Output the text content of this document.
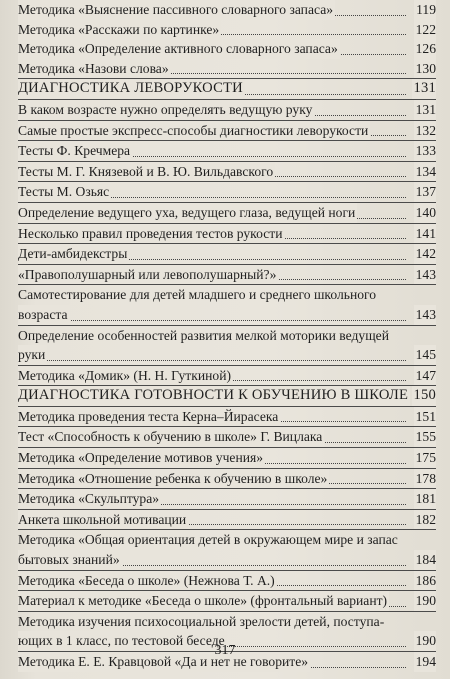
Методика «Выяснение пассивного словарного запаса»	119
Методика «Расскажи по картинке»	122
Методика «Определение активного словарного запаса»	126
Методика «Назови слова»	130
ДИАГНОСТИКА ЛЕВОРУКОСТИ	131
В каком возрасте нужно определять ведущую руку	131
Самые простые экспресс-способы диагностики леворукости	132
Тесты Ф. Кречмера	133
Тесты М. Г. Князевой и В. Ю. Вильдавского	134
Тесты М. Озьяс	137
Определение ведущего уха, ведущего глаза, ведущей ноги	140
Несколько правил проведения тестов рукости	141
Дети-амбидекстры	142
«Правополушарный или левополушарный?»	143
Самотестирование для детей младшего и среднего школьного
возраста	143
Определение особенностей развития мелкой моторики ведущей
руки	145
Методика «Домик» (Н. Н. Гуткиной)	147
ДИАГНОСТИКА ГОТОВНОСТИ К ОБУЧЕНИЮ В ШКОЛЕ 150
Методика проведения теста Керна–Йирасека	151
Тест «Способность к обучению в школе» Г. Вицлака	155
Методика «Определение мотивов учения»	175
Методика «Отношение ребенка к обучению в школе»	178
Методика «Скульптура»	181
Анкета школьной мотивации	182
Методика «Общая ориентация детей в окружающем мире и запас
бытовых знаний»	184
Методика «Беседа о школе» (Нежнова Т. А.)	186
Материал к методике «Беседа о школе» (фронтальный вариант) 190
Методика изучения психосоциальной зрелости детей, поступа-
ющих в 1 класс, по тестовой беседе	190
Методика Е. Е. Кравцовой «Да и нет не говорите»	194
317
